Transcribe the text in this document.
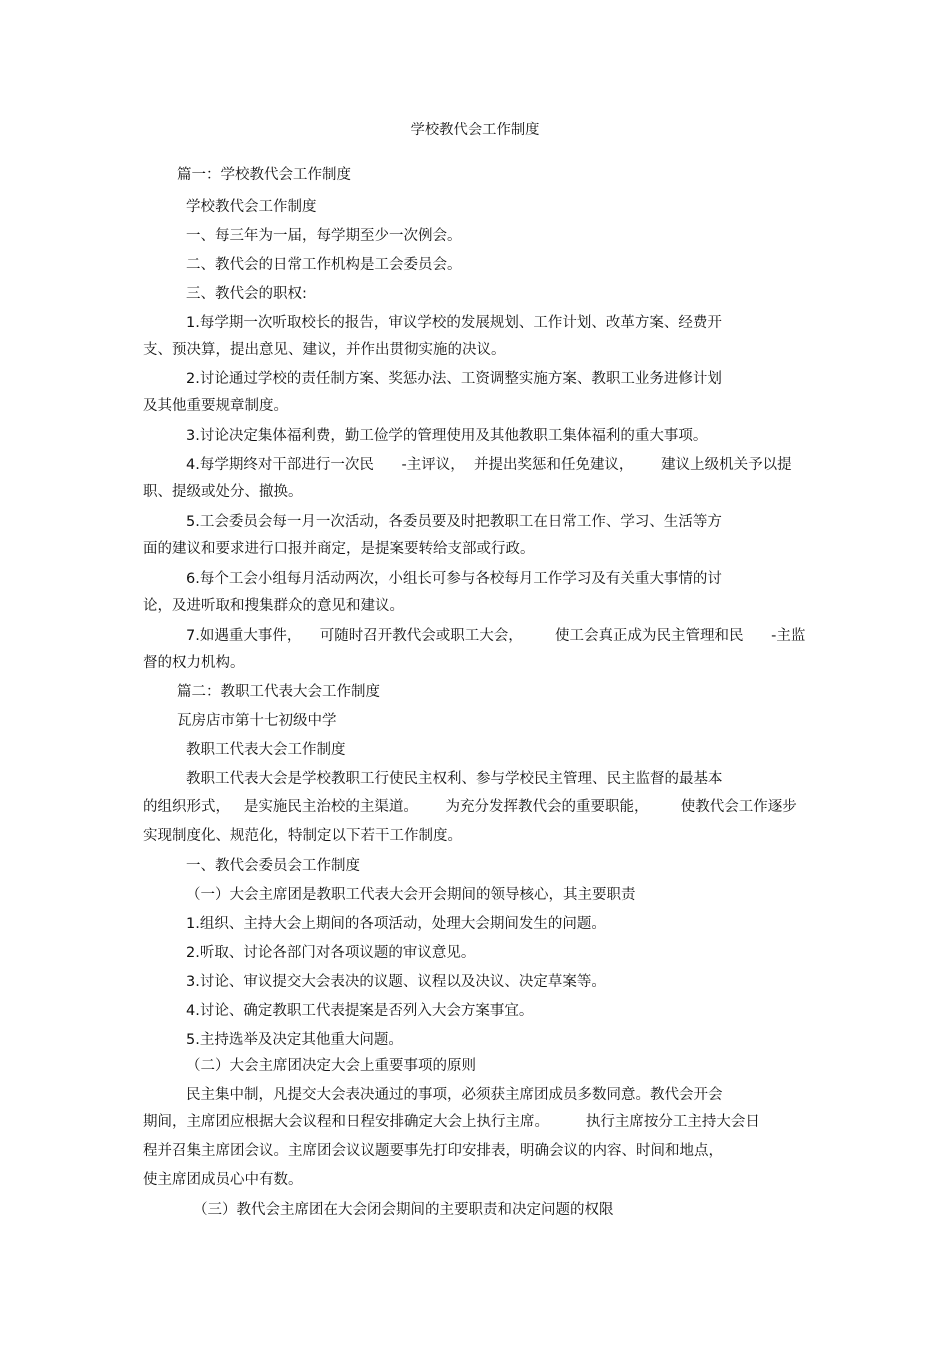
学校教代会工作制度
篇一：学校教代会工作制度
学校教代会工作制度
一、每三年为一届，每学期至少一次例会。
二、教代会的日常工作机构是工会委员会。
三、教代会的职权:
1.每学期一次听取校长的报告，审议学校的发展规划、工作计划、改革方案、经费开
支、预决算，提出意见、建议，并作出贯彻实施的决议。
2.讨论通过学校的责任制方案、奖惩办法、工资调整实施方案、教职工业务进修计划
及其他重要规章制度。
3.讨论决定集体福利费，勤工俭学的管理使用及其他教职工集体福利的重大事项。
4.每学期终对干部进行一次民      -主评议，  并提出奖惩和任免建议，      建议上级机关予以提
职、提级或处分、撤换。
5.工会委员会每一月一次活动，各委员要及时把教职工在日常工作、学习、生活等方
面的建议和要求进行口报并商定，是提案要转给支部或行政。
6.每个工会小组每月活动两次，小组长可参与各校每月工作学习及有关重大事情的讨
论，及进听取和搜集群众的意见和建议。
7.如遇重大事件，    可随时召开教代会或职工大会，       使工会真正成为民主管理和民      -主监
督的权力机构。
篇二：教职工代表大会工作制度
瓦房店市第十七初级中学
教职工代表大会工作制度
教职工代表大会是学校教职工行使民主权利、参与学校民主管理、民主监督的最基本
的组织形式，   是实施民主治校的主渠道。      为充分发挥教代会的重要职能，       使教代会工作逐步
实现制度化、规范化，特制定以下若干工作制度。
一、教代会委员会工作制度
（一）大会主席团是教职工代表大会开会期间的领导核心，其主要职责
1.组织、主持大会上期间的各项活动，处理大会期间发生的问题。
2.听取、讨论各部门对各项议题的审议意见。
3.讨论、审议提交大会表决的议题、议程以及决议、决定草案等。
4.讨论、确定教职工代表提案是否列入大会方案事宜。
5.主持选举及决定其他重大问题。
（二）大会主席团决定大会上重要事项的原则
民主集中制，凡提交大会表决通过的事项，必须获主席团成员多数同意。教代会开会
期间，主席团应根据大会议程和日程安排确定大会上执行主席。        执行主席按分工主持大会日
程并召集主席团会议。主席团会议议题要事先打印安排表，明确会议的内容、时间和地点，
使主席团成员心中有数。
（三）教代会主席团在大会闭会期间的主要职责和决定问题的权限
